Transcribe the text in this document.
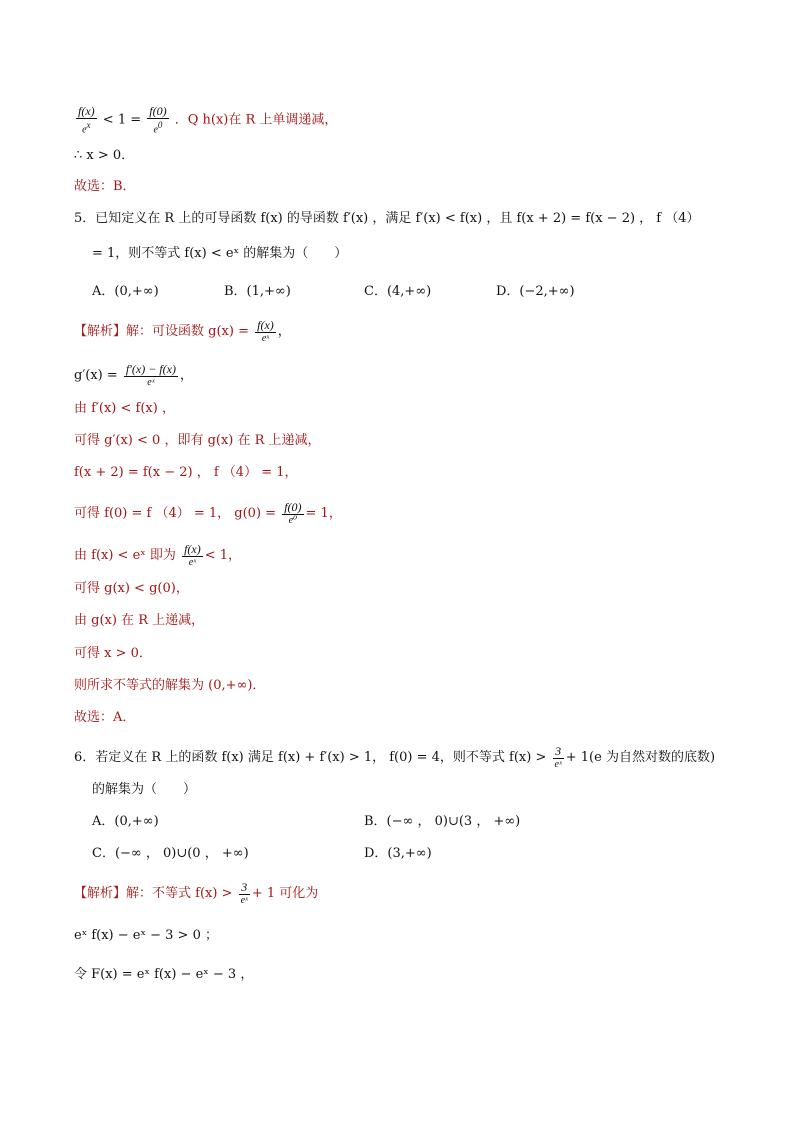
$\frac{f(x)}{e^x} < 1 = \frac{f(0)}{e^0}$ ．Q h(x)在 R 上单调递减，
∴ x > 0．
故选：B．
5．已知定义在 R 上的可导函数 f(x) 的导函数 f′(x) ，满足 f′(x) < f(x) ，且 f(x + 2) = f(x − 2) ， f （4）
= 1，则不等式 f(x) < eˣ 的解集为（　　）
A．(0,+∞)	B．(1,+∞)	C．(4,+∞)	D．(−2,+∞)
【解析】解：可设函数 $g(x) = \frac{f(x)}{\text{eˣ}}$ ，
$g'(x) = \frac{f'(x) - f(x)}{\text{eˣ}}$ ，
由 f′(x) < f(x) ，
可得 g′(x) < 0 ，即有 g(x) 在 R 上递减，
f(x + 2) = f(x − 2) ， f （4） = 1，
可得 f(0) = f （4） = 1， $g(0) = \frac{f(0)}{\text{e⁰}} = 1$，
由 f(x) < eˣ 即为 $\frac{f(x)}{\text{eˣ}} < 1$，
可得 g(x) < g(0)，
由 g(x) 在 R 上递减，
可得 x > 0．
则所求不等式的解集为 (0,+∞)．
故选：A．
6．若定义在 R 上的函数 f(x) 满足 f(x) + f′(x) > 1， f(0) = 4，则不等式 $f(x) > \frac{3}{\text{eˣ}} + 1(e$ 为自然对数的底数)
的解集为（　　）
A．(0,+∞)	B．(−∞ ， 0)∪(3 ， +∞)
C．(−∞ ， 0)∪(0 ， +∞)	D．(3,+∞)
【解析】解：不等式 $f(x) > \frac{3}{\text{eˣ}} + 1$ 可化为
eˣ f(x) − eˣ − 3 > 0 ；
令 F(x) = eˣ f(x) − eˣ − 3 ，
